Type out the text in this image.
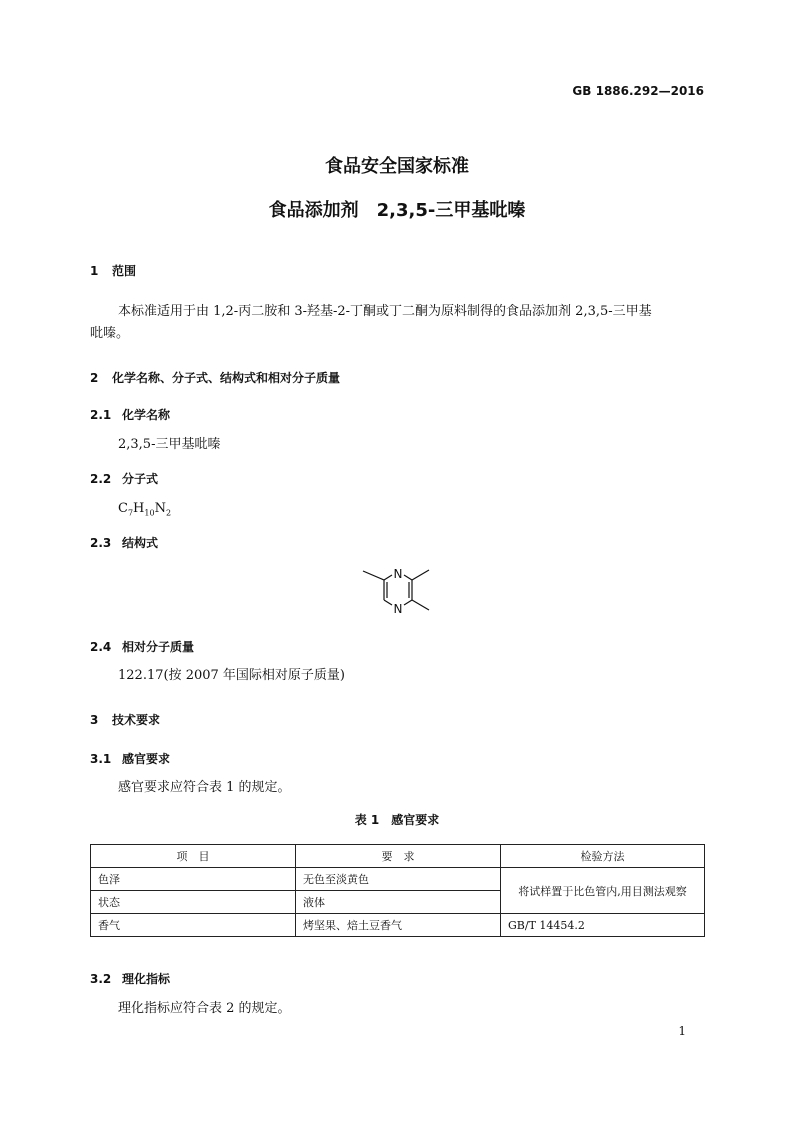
GB 1886.292—2016
食品安全国家标准
食品添加剂　2,3,5-三甲基吡嗪
1 范围
本标准适用于由 1,2-丙二胺和 3-羟基-2-丁酮或丁二酮为原料制得的食品添加剂 2,3,5-三甲基
吡嗪。
2 化学名称、分子式、结构式和相对分子质量
2.1 化学名称
2,3,5-三甲基吡嗪
2.2 分子式
$C_7H_{10}N_2$
2.3 结构式
N
N
2.4 相对分子质量
122.17(按 2007 年国际相对原子质量)
3 技术要求
3.1 感官要求
感官要求应符合表 1 的规定。
表 1　感官要求
项　目	要　求	检验方法
色泽	无色至淡黄色	将试样置于比色管内,用目测法观察
状态	液体	
香气	烤坚果、焙土豆香气	GB/T 14454.2
3.2 理化指标
理化指标应符合表 2 的规定。
1
